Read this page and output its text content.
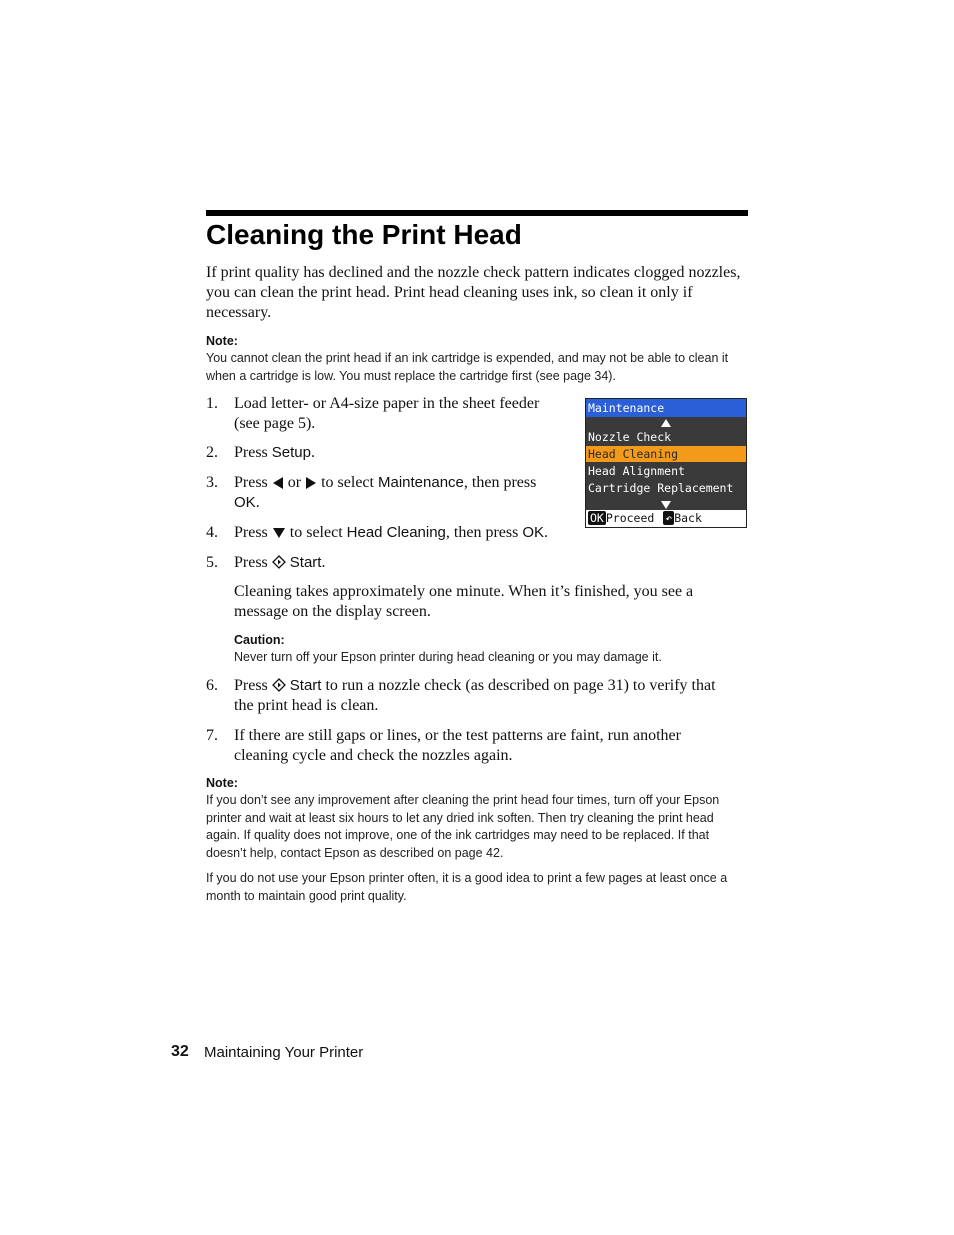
Cleaning the Print Head

If print quality has declined and the nozzle check pattern indicates clogged nozzles, you can clean the print head. Print head cleaning uses ink, so clean it only if necessary.

Note:

You cannot clean the print head if an ink cartridge is expended, and may not be able to clean it when a cartridge is low. You must replace the cartridge first (see page 34).

1. Load letter- or A4-size paper in the sheet feeder (see page 5).
2. Press Setup.
3. Press or to select Maintenance, then press OK.
4. Press to select Head Cleaning, then press OK.
5. Press  Start.

Cleaning takes approximately one minute. When it’s finished, you see a message on the display screen.

Caution:

Never turn off your Epson printer during head cleaning or you may damage it.

6. Press  Start to run a nozzle check (as described on page 31) to verify that the print head is clean.
7. If there are still gaps or lines, or the test patterns are faint, run another cleaning cycle and check the nozzles again.

Note:

If you don’t see any improvement after cleaning the print head four times, turn off your Epson printer and wait at least six hours to let any dried ink soften. Then try cleaning the print head again. If quality does not improve, one of the ink cartridges may need to be replaced. If that doesn’t help, contact Epson as described on page 42.

If you do not use your Epson printer often, it is a good idea to print a few pages at least once a month to maintain good print quality.

Maintenance
Nozzle Check
Head Cleaning
Head Alignment
Cartridge Replacement
OK Proceed ↶ Back
32 Maintaining Your Printer
